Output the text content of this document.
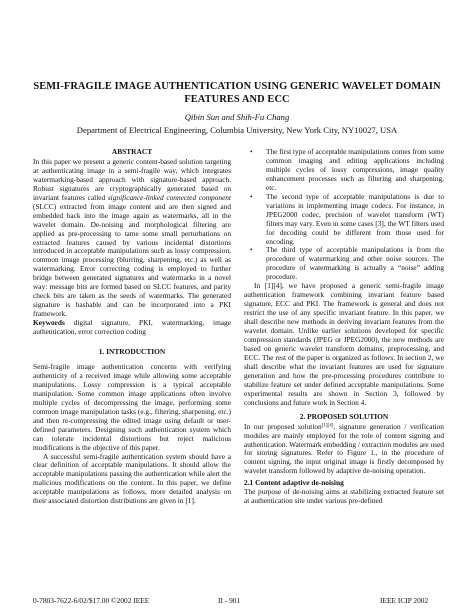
SEMI-FRAGILE IMAGE AUTHENTICATION USING GENERIC WAVELET DOMAIN
FEATURES AND ECC
Qibin Sun and Shih-Fu Chang
Department of Electrical Engineering, Columbia University, New York City, NY10027, USA
ABSTRACT

In this paper we present a generic content-based solution targeting at authenticating image in a semi-fragile way, which integrates watermarking-based approach with signature-based approach. Robust signatures are cryptographically generated based on invariant features called significance-linked connected component (SLCC) extracted from image content and are then signed and embedded back into the image again as watermarks, all in the wavelet domain. De-noising and morphological filtering are applied as pre-processing to tame some small perturbations on extracted features caused by various incidental distortions introduced in acceptable manipulations such as lossy compression, common image processing (blurring, sharpening, etc.) as well as watermarking. Error correcting coding is employed to further bridge between generated signatures and watermarks in a novel way: message bits are formed based on SLCC features, and parity check bits are taken as the seeds of watermarks. The generated signature is hashable and can be incorporated into a PKI framework.

Keywords digital signature, PKI, watermarking, image authentication, error correction coding

1. INTRODUCTION

Semi-fragile image authentication concerns with verifying authenticity of a received image while allowing some acceptable manipulations. Lossy compression is a typical acceptable manipulation. Some common image applications often involve multiple cycles of decompressing the image, performing some common image manipulation tasks (e.g., filtering, sharpening, etc.) and then re-compressing the edited image using default or user-defined parameters. Designing such authentication system which can tolerate incidental distortions but reject malicious modifications is the objective of this paper.

A successful semi-fragile authentication system should have a clear definition of acceptable manipulations. It should allow the acceptable manipulations passing the authentication while alert the malicious modifications on the content. In this paper, we define acceptable manipulations as follows, more detailed analysis on their associated distortion distributions are given in [1].

• The first type of acceptable manipulations comes from some common imaging and editing applications including multiple cycles of lossy compressions, image quality enhancement processes such as filtering and sharpening, etc.
• The second type of acceptable manipulations is due to variations in implementing image codecs. For instance, in JPEG2000 codec, precision of wavelet transform (WT) filters may vary. Even in some cases [3], the WT filters used for decoding could be different from those used for encoding.
• The third type of acceptable manipulations is from the procedure of watermarking and other noise sources. The procedure of watermarking is actually a “noise” adding procedure.

In [1][4], we have proposed a generic semi-fragile image authentication framework combining invariant feature based signature, ECC and PKI. The framework is general and does not restrict the use of any specific invariant feature. In this paper, we shall describe new methods in deriving invariant features from the wavelet domain. Unlike earlier solutions developed for specific compression standards (JPEG or JPEG2000), the new methods are based on generic wavelet transform domains, preprocessing, and ECC. The rest of the paper is organized as follows. In section 2, we shall describe what the invariant features are used for signature generation and how the pre-processing procedures contribute to stabilize feature set under defined acceptable manipulations. Some experimental results are shown in Section 3, followed by conclusions and future work in Section 4.

2. PROPOSED SOLUTION

In our proposed solution[1][4], signature generation / verification modules are mainly employed for the role of content signing and authentication. Watermark embedding / extraction modules are used for storing signatures. Refer to Figure 1., in the procedure of content signing, the input original image is firstly decomposed by wavelet transform followed by adaptive de-noising operation.

2.1 Content adaptive de-noising

The purpose of de-noising aims at stabilizing extracted feature set at authentication site under various pre-defined

0-7803-7622-6/02/$17.00 ©2002 IEEE	II - 901	IEEE ICIP 2002
